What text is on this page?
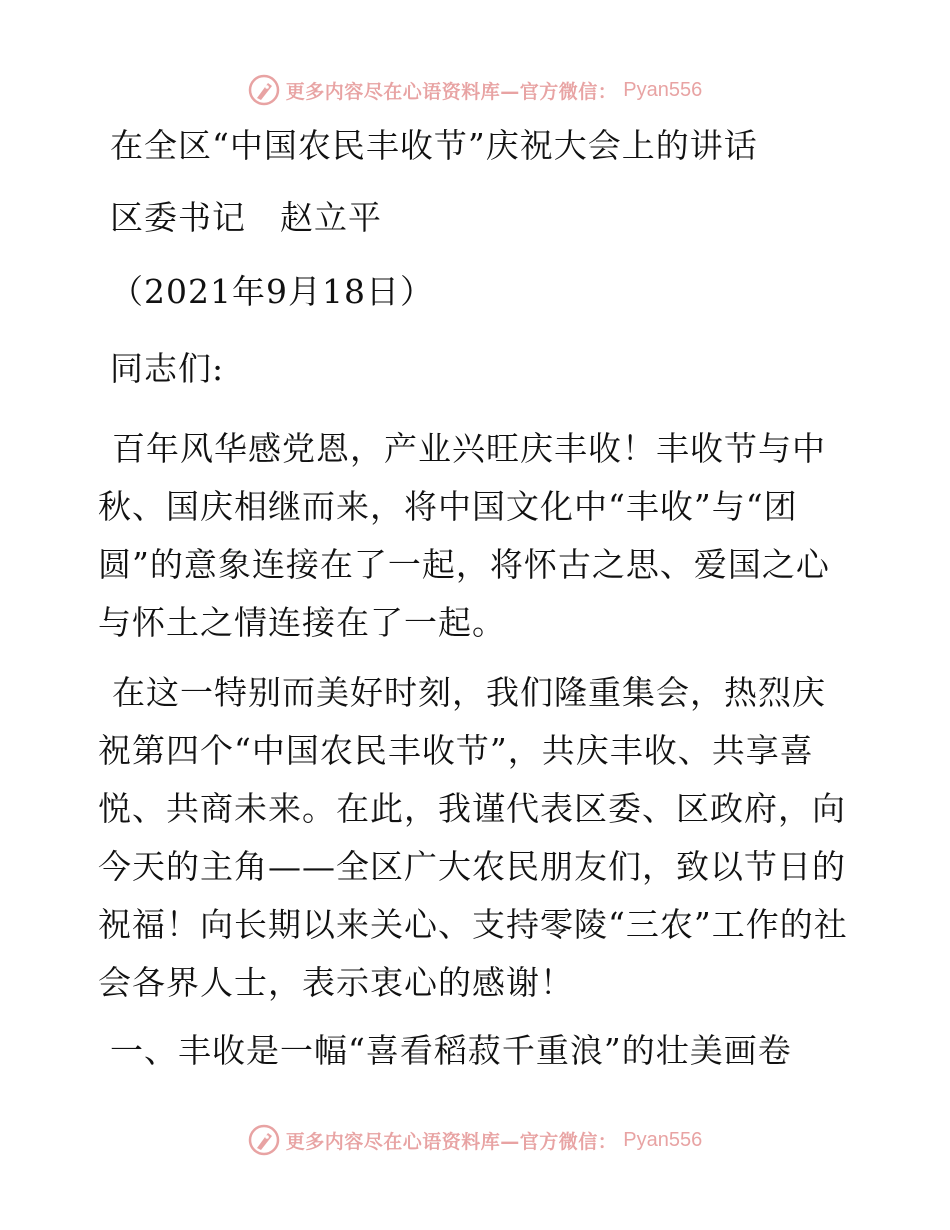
更多内容尽在心语资料库—官方微信： Pyan556
在全区“中国农民丰收节”庆祝大会上的讲话
区委书记　赵立平
（2021年9月18日）
同志们:

百年风华感党恩，产业兴旺庆丰收！丰收节与中秋、国庆相继而来，将中国文化中“丰收”与“团圆”的意象连接在了一起，将怀古之思、爱国之心与怀土之情连接在了一起。

在这一特别而美好时刻，我们隆重集会，热烈庆祝第四个“中国农民丰收节”，共庆丰收、共享喜悦、共商未来。在此，我谨代表区委、区政府，向今天的主角——全区广大农民朋友们，致以节日的祝福！向长期以来关心、支持零陵“三农”工作的社会各界人士，表示衷心的感谢！

一、丰收是一幅“喜看稻菽千重浪”的壮美画卷
更多内容尽在心语资料库—官方微信： Pyan556
